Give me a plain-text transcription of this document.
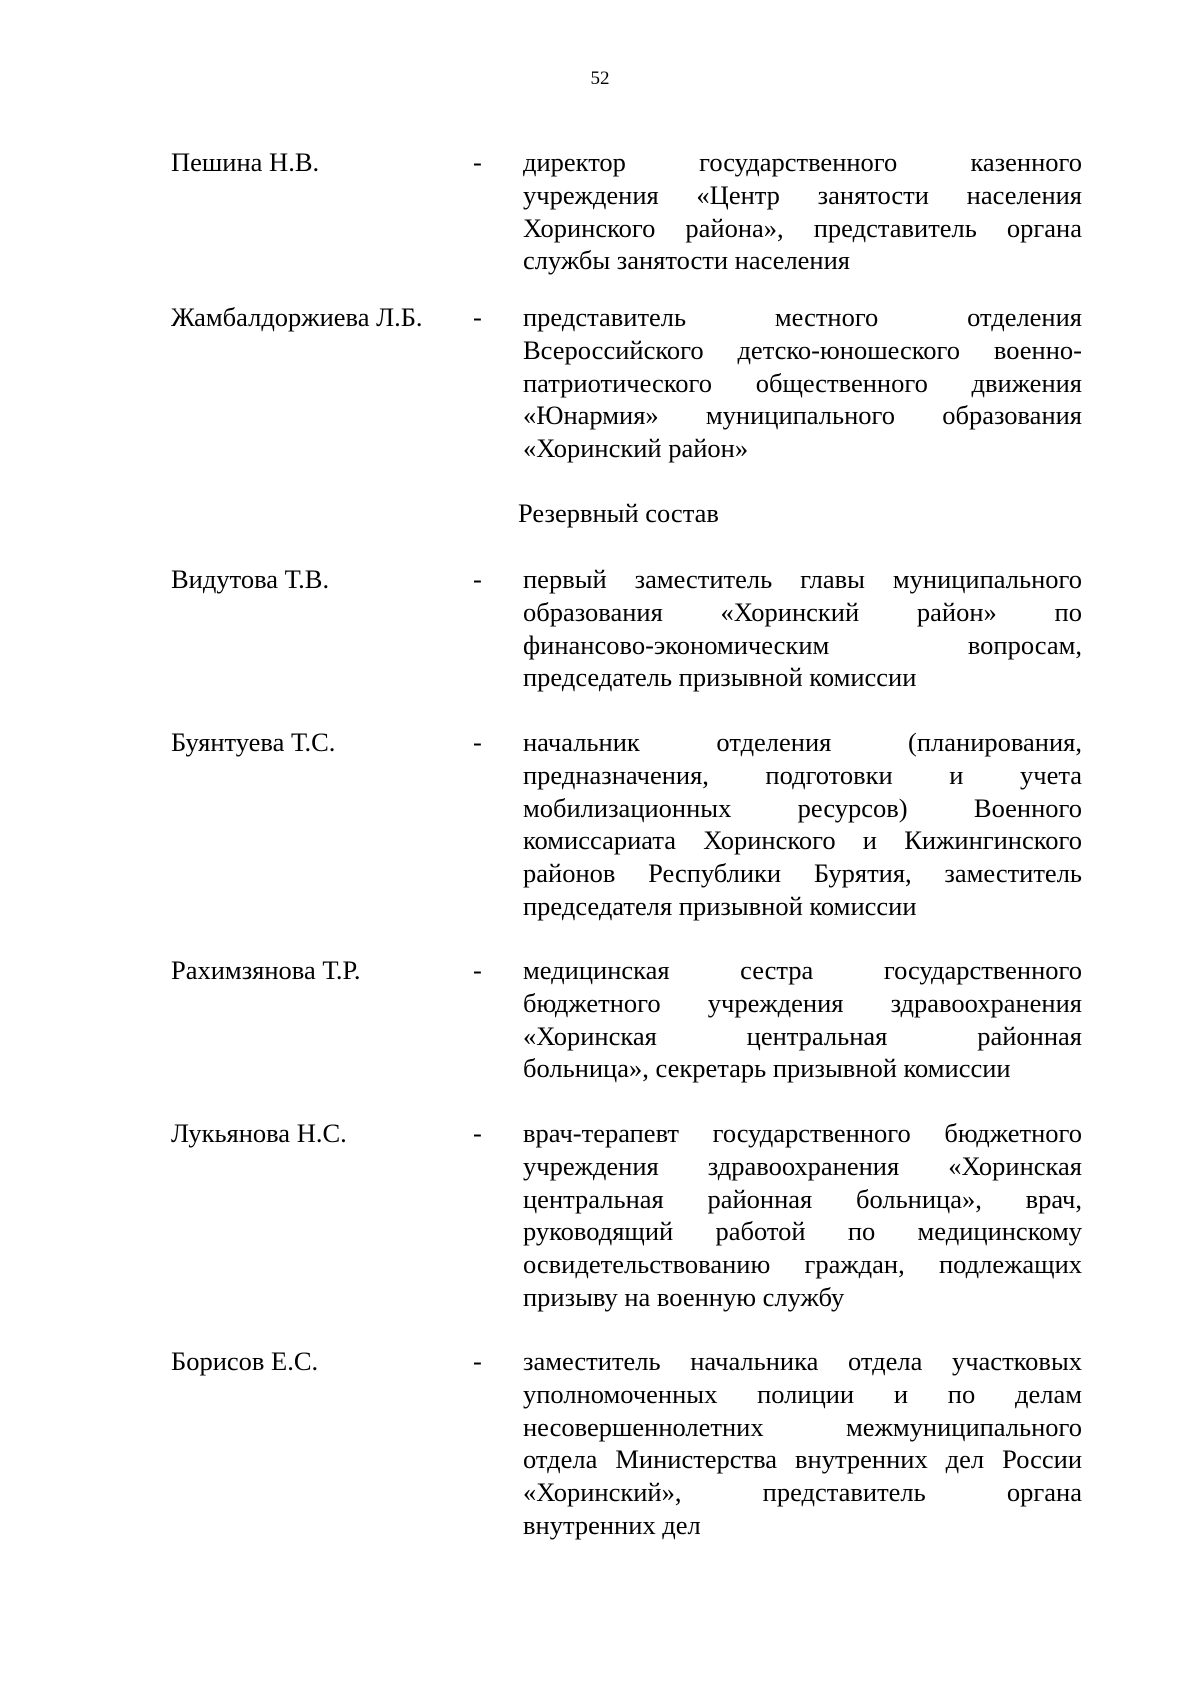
52
Пешина Н.В.	- директор государственного казенного
учреждения «Центр занятости населения
Хоринского района», представитель органа
службы занятости населения
Жамбалдоржиева Л.Б. - представитель местного отделения
Всероссийского детско-юношеского военно-
патриотического общественного движения
«Юнармия» муниципального образования
«Хоринский район»
Резервный состав
Видутова Т.В.	- первый заместитель главы муниципального
образования «Хоринский район» по
финансово-экономическим вопросам,
председатель призывной комиссии
Буянтуева Т.С.	- начальник отделения (планирования,
предназначения, подготовки и учета
мобилизационных ресурсов) Военного
комиссариата Хоринского и Кижингинского
районов Республики Бурятия, заместитель
председателя призывной комиссии
Рахимзянова Т.Р.	- медицинская сестра государственного
бюджетного учреждения здравоохранения
«Хоринская центральная районная
больница», секретарь призывной комиссии
Лукьянова Н.С.	- врач-терапевт государственного бюджетного
учреждения здравоохранения «Хоринская
центральная районная больница», врач,
руководящий работой по медицинскому
освидетельствованию граждан, подлежащих
призыву на военную службу
Борисов Е.С.	- заместитель начальника отдела участковых
уполномоченных полиции и по делам
несовершеннолетних межмуниципального
отдела Министерства внутренних дел России
«Хоринский», представитель органа
внутренних дел
